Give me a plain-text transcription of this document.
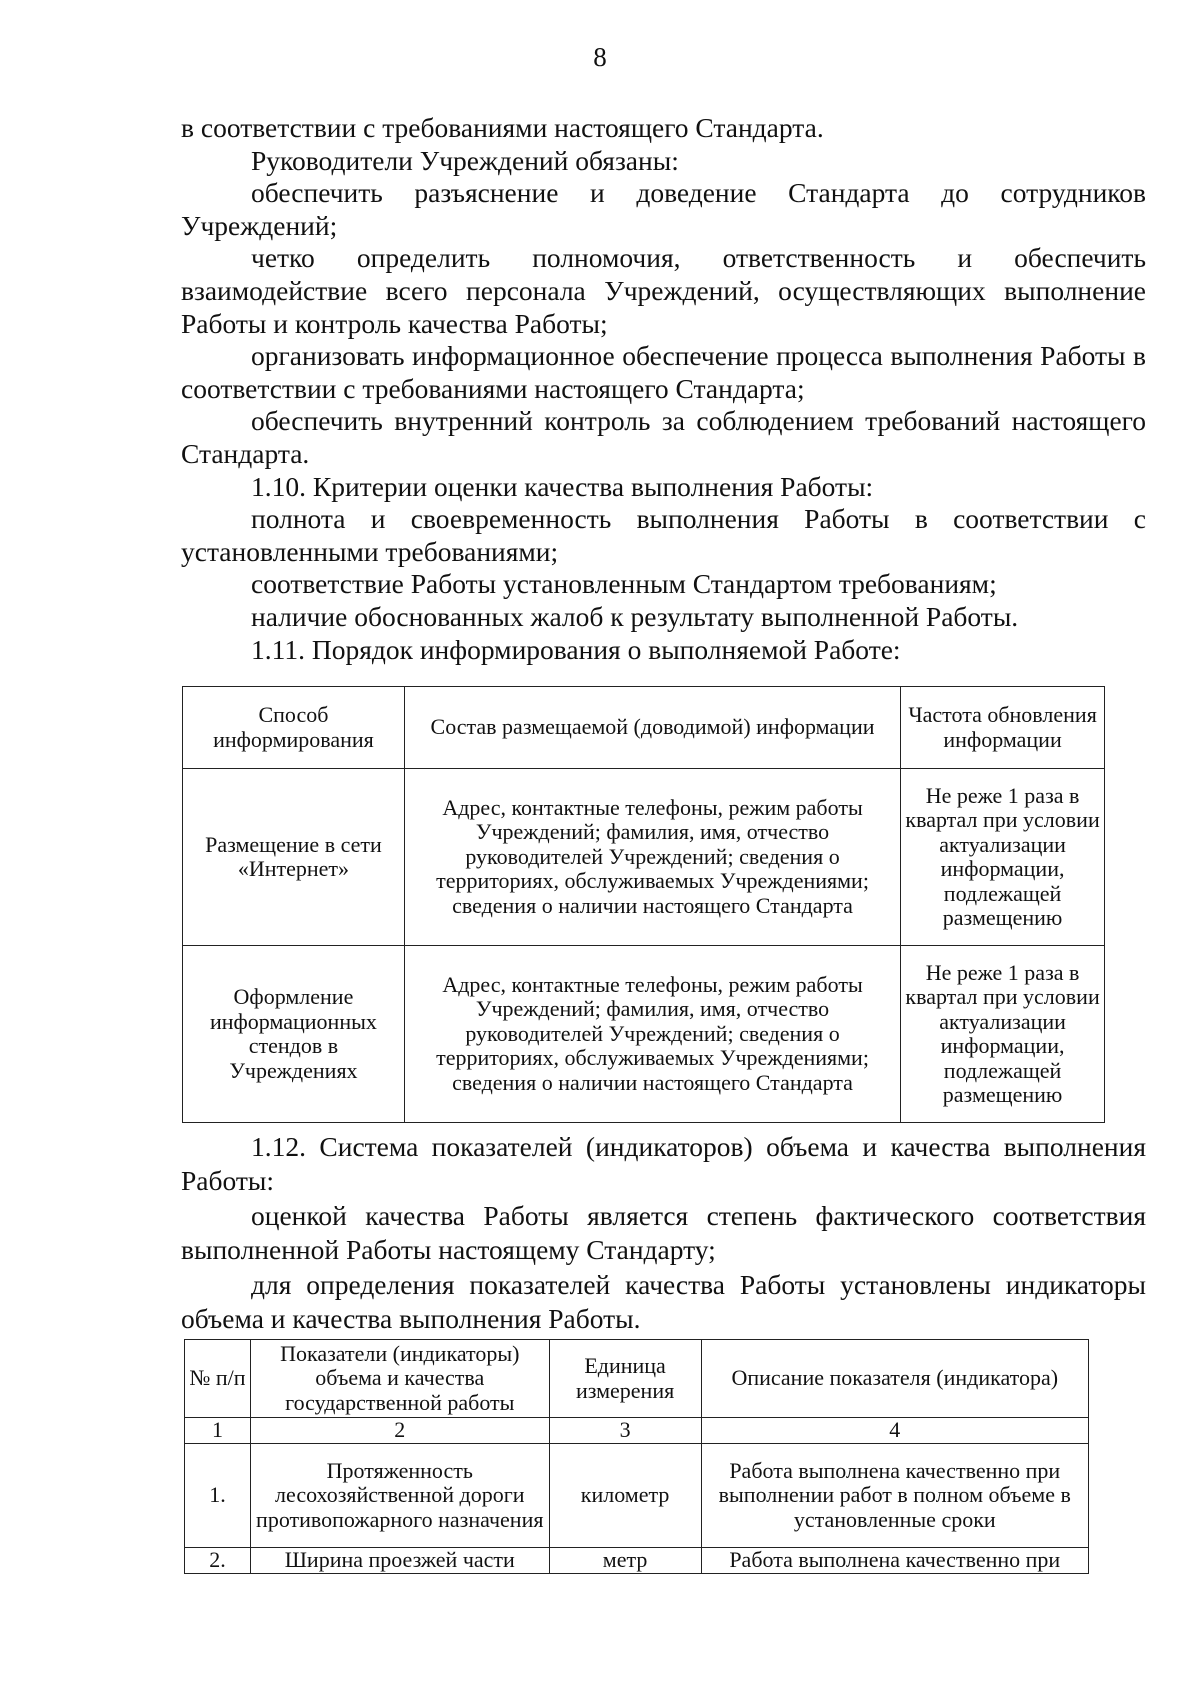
8

в соответствии с требованиями настоящего Стандарта.

Руководители Учреждений обязаны:

обеспечить разъяснение и доведение Стандарта до сотрудников Учреждений;

четко определить полномочия, ответственность и обеспечить взаимодействие всего персонала Учреждений, осуществляющих выполнение Работы и контроль качества Работы;

организовать информационное обеспечение процесса выполнения Работы в соответствии с требованиями настоящего Стандарта;

обеспечить внутренний контроль за соблюдением требований настоящего Стандарта.

1.10. Критерии оценки качества выполнения Работы:

полнота и своевременность выполнения Работы в соответствии с установленными требованиями;

соответствие Работы установленным Стандартом требованиям;

наличие обоснованных жалоб к результату выполненной Работы.

1.11. Порядок информирования о выполняемой Работе:

Способ информирования	Состав размещаемой (доводимой) информации	Частота обновления информации
Размещение в сети «Интернет»	Адрес, контактные телефоны, режим работы Учреждений; фамилия, имя, отчество руководителей Учреждений; сведения о территориях, обслуживаемых Учреждениями; сведения о наличии настоящего Стандарта	Не реже 1 раза в квартал при условии актуализации информации, подлежащей размещению
Оформление информационных стендов в Учреждениях	Адрес, контактные телефоны, режим работы Учреждений; фамилия, имя, отчество руководителей Учреждений; сведения о территориях, обслуживаемых Учреждениями; сведения о наличии настоящего Стандарта	Не реже 1 раза в квартал при условии актуализации информации, подлежащей размещению

1.12. Система показателей (индикаторов) объема и качества выполнения Работы:

оценкой качества Работы является степень фактического соответствия выполненной Работы настоящему Стандарту;

для определения показателей качества Работы установлены индикаторы объема и качества выполнения Работы.

№ п/п	Показатели (индикаторы) объема и качества государственной работы	Единица измерения	Описание показателя (индикатора)
1	2	3	4
1.	Протяженность лесохозяйственной дороги противопожарного назначения	километр	Работа выполнена качественно при выполнении работ в полном объеме в установленные сроки
2.	Ширина проезжей части	метр	Работа выполнена качественно при
